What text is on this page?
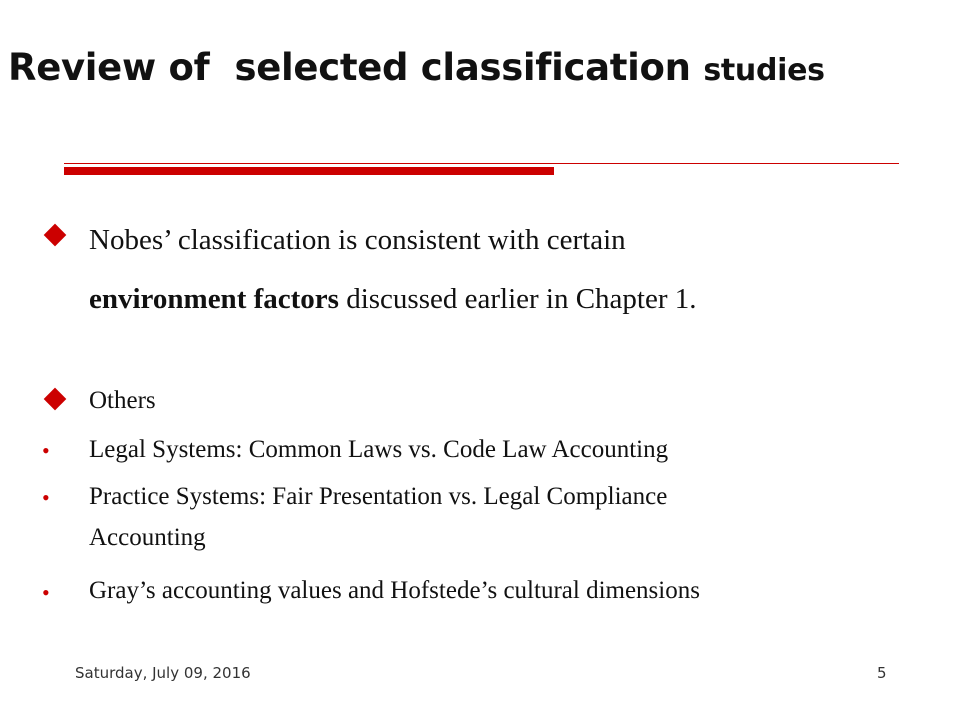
Review of  selected classification studies
Nobes’ classification is consistent with certain
environment factors discussed earlier in Chapter 1.
Others
• Legal Systems: Common Laws vs. Code Law Accounting
• Practice Systems: Fair Presentation vs. Legal Compliance
Accounting
• Gray’s accounting values and Hofstede’s cultural dimensions
Saturday, July 09, 2016	5
